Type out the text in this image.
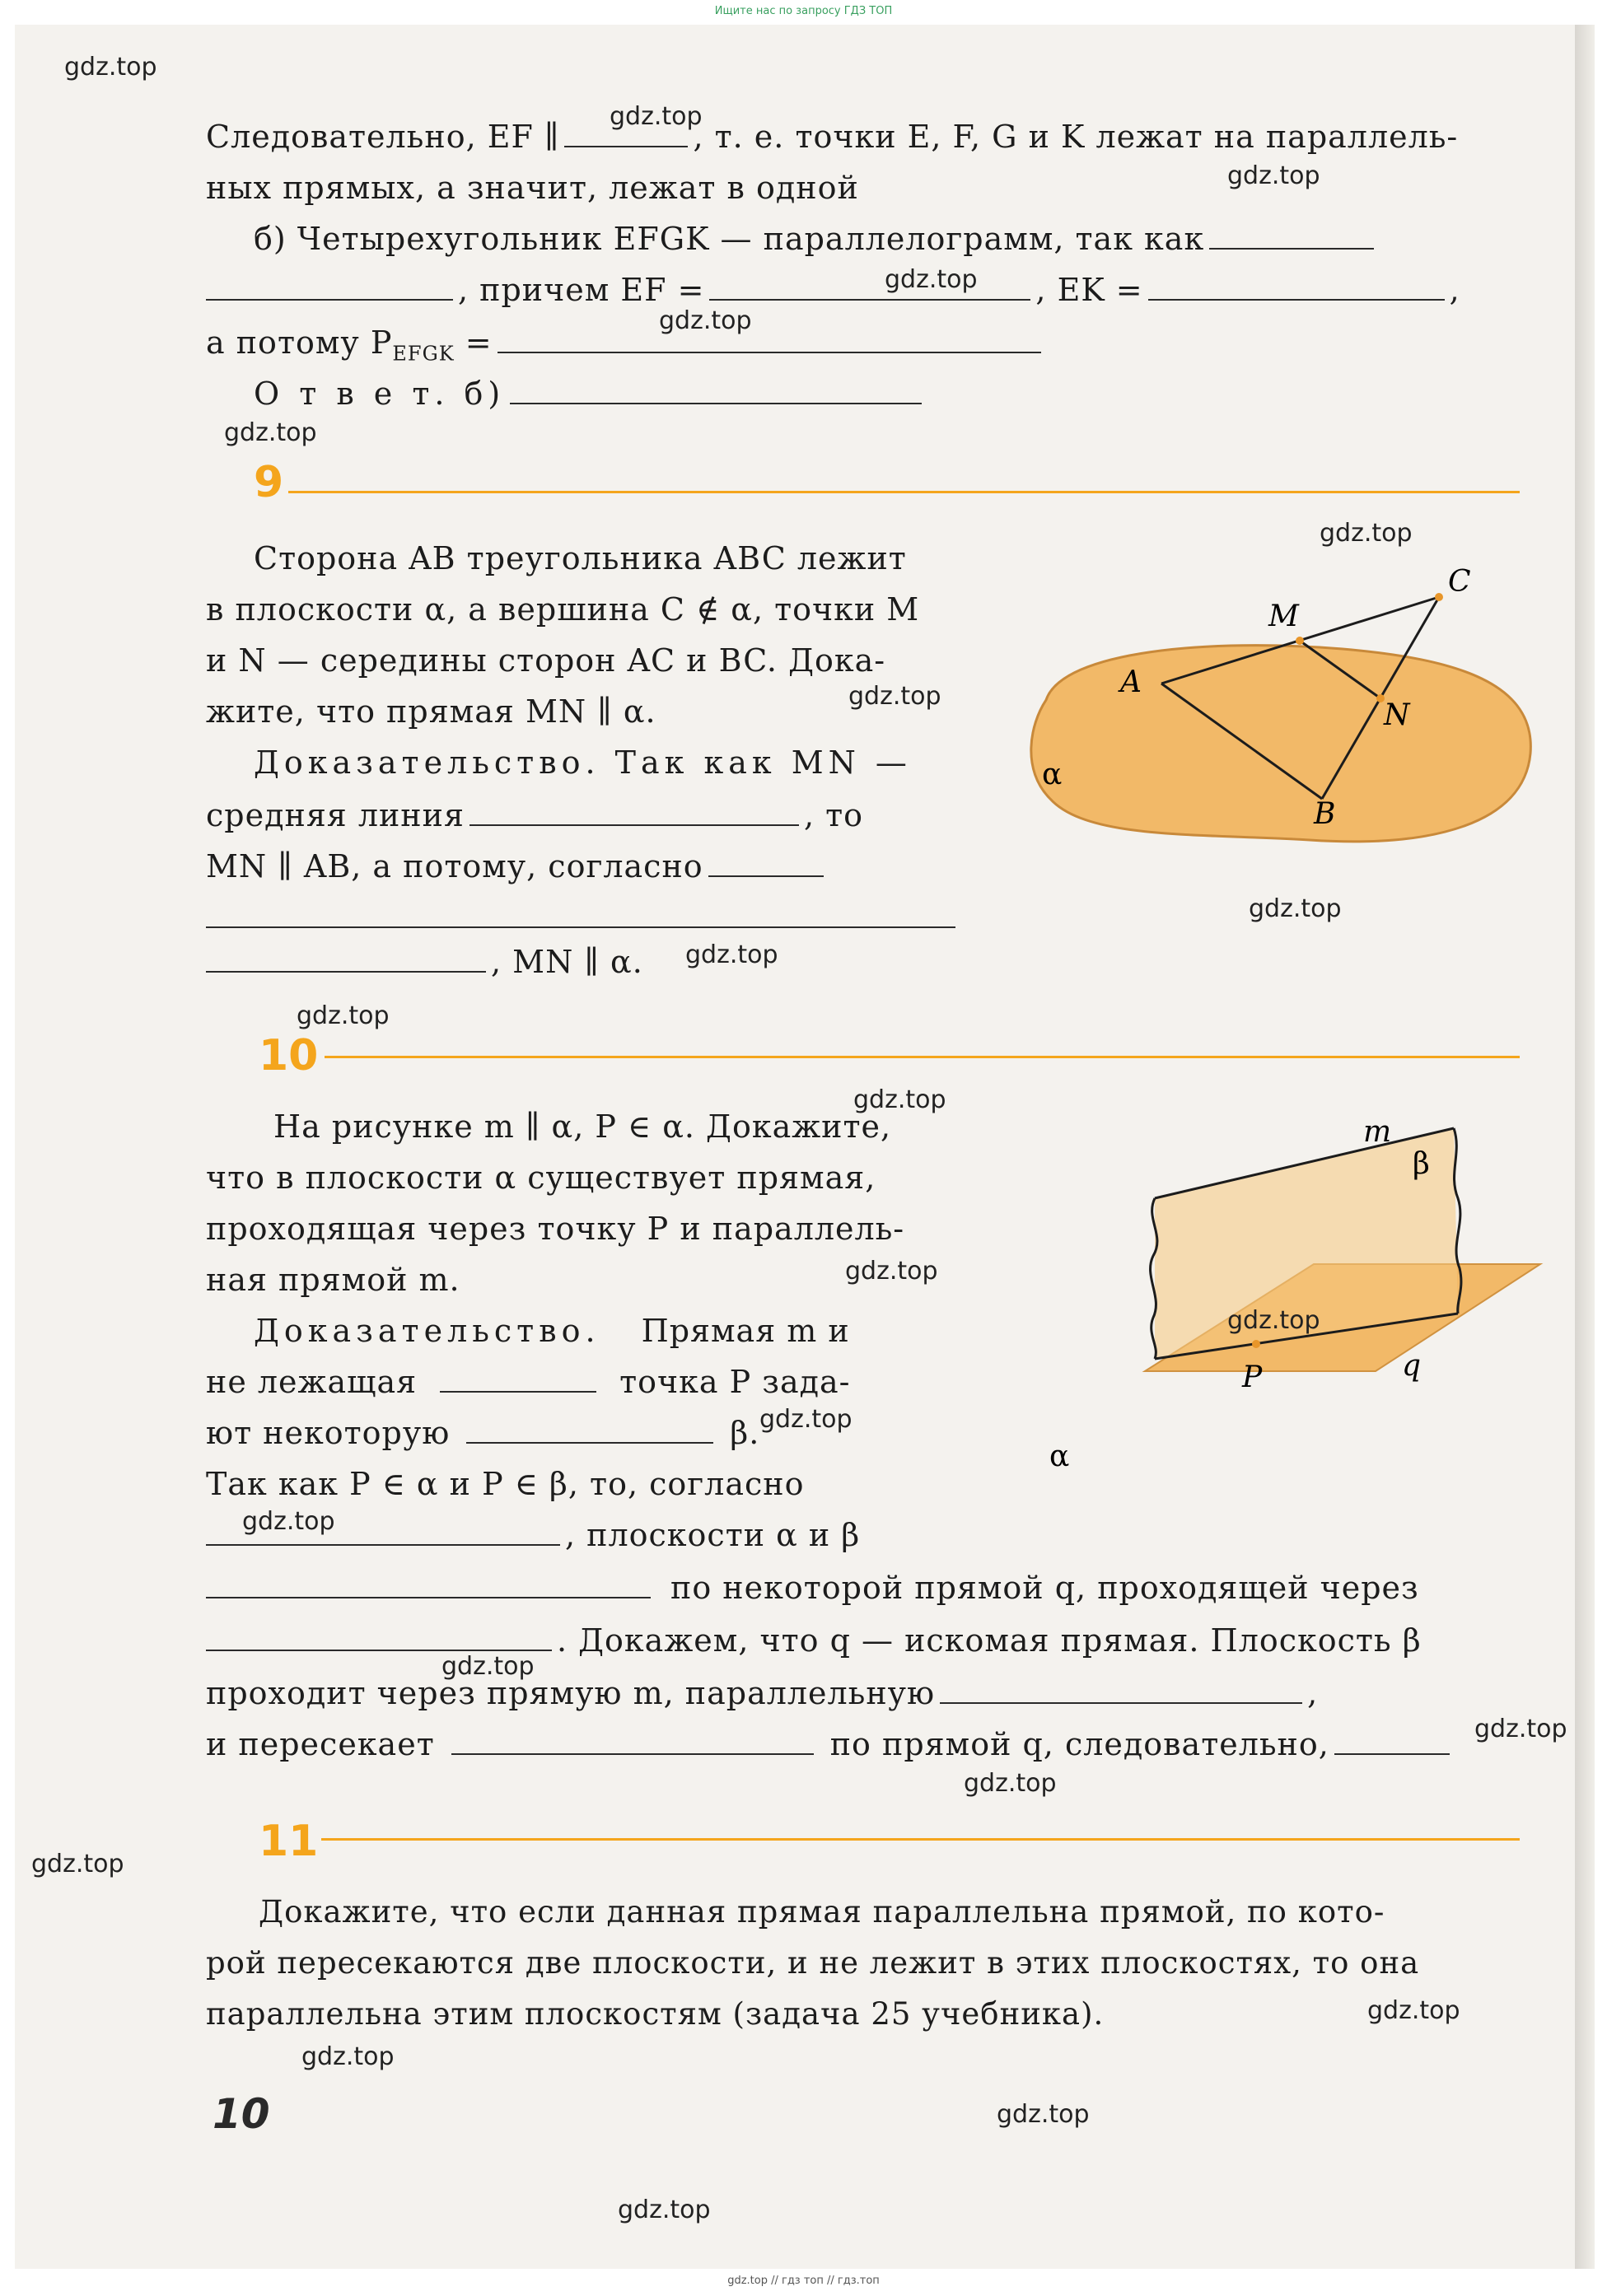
Ищите нас по запросу ГДЗ ТОП
Следовательно, EF ∥	, т. е. точки E, F, G и K лежат на параллель-
ных прямых, а значит, лежат в одной
б) Четырехугольник EFGK — параллелограмм, так как
, причем EF =	, EK =	,
а потому $P_{EFGK}$ =
О т в е т. б)
9
Сторона AB треугольника ABC лежит
в плоскости α, а вершина C ∉ α, точки M
и N — середины сторон AC и BC. Дока-
жите, что прямая MN ∥ α.
Доказательство. Так как MN —
средняя линия	, то
MN ∥ AB, а потому, согласно
, MN ∥ α.
C
M
A
N
B
α
10
На рисунке m ∥ α, P ∈ α. Докажите,
что в плоскости α существует прямая,
проходящая через точку P и параллель-
ная прямой m.
Доказательство. Прямая m и
не лежащая	точка P зада-
ют некоторую	β.
Так как P ∈ α и P ∈ β, то, согласно
, плоскости α и β
по некоторой прямой q, проходящей через
. Докажем, что q — искомая прямая. Плоскость β
проходит через прямую m, параллельную	,
и пересекает	по прямой q, следовательно,
m
β
q
P
α
11
Докажите, что если данная прямая параллельна прямой, по кото-
рой пересекаются две плоскости, и не лежит в этих плоскостях, то она
параллельна этим плоскостям (задача 25 учебника).
10
gdz.top
gdz.top
gdz.top
gdz.top
gdz.top
gdz.top
gdz.top
gdz.top
gdz.top
gdz.top
gdz.top
gdz.top
gdz.top
gdz.top
gdz.top
gdz.top
gdz.top
gdz.top
gdz.top
gdz.top
gdz.top
gdz.top
gdz.top
gdz.top
gdz.top // гдз топ // гдз.топ
